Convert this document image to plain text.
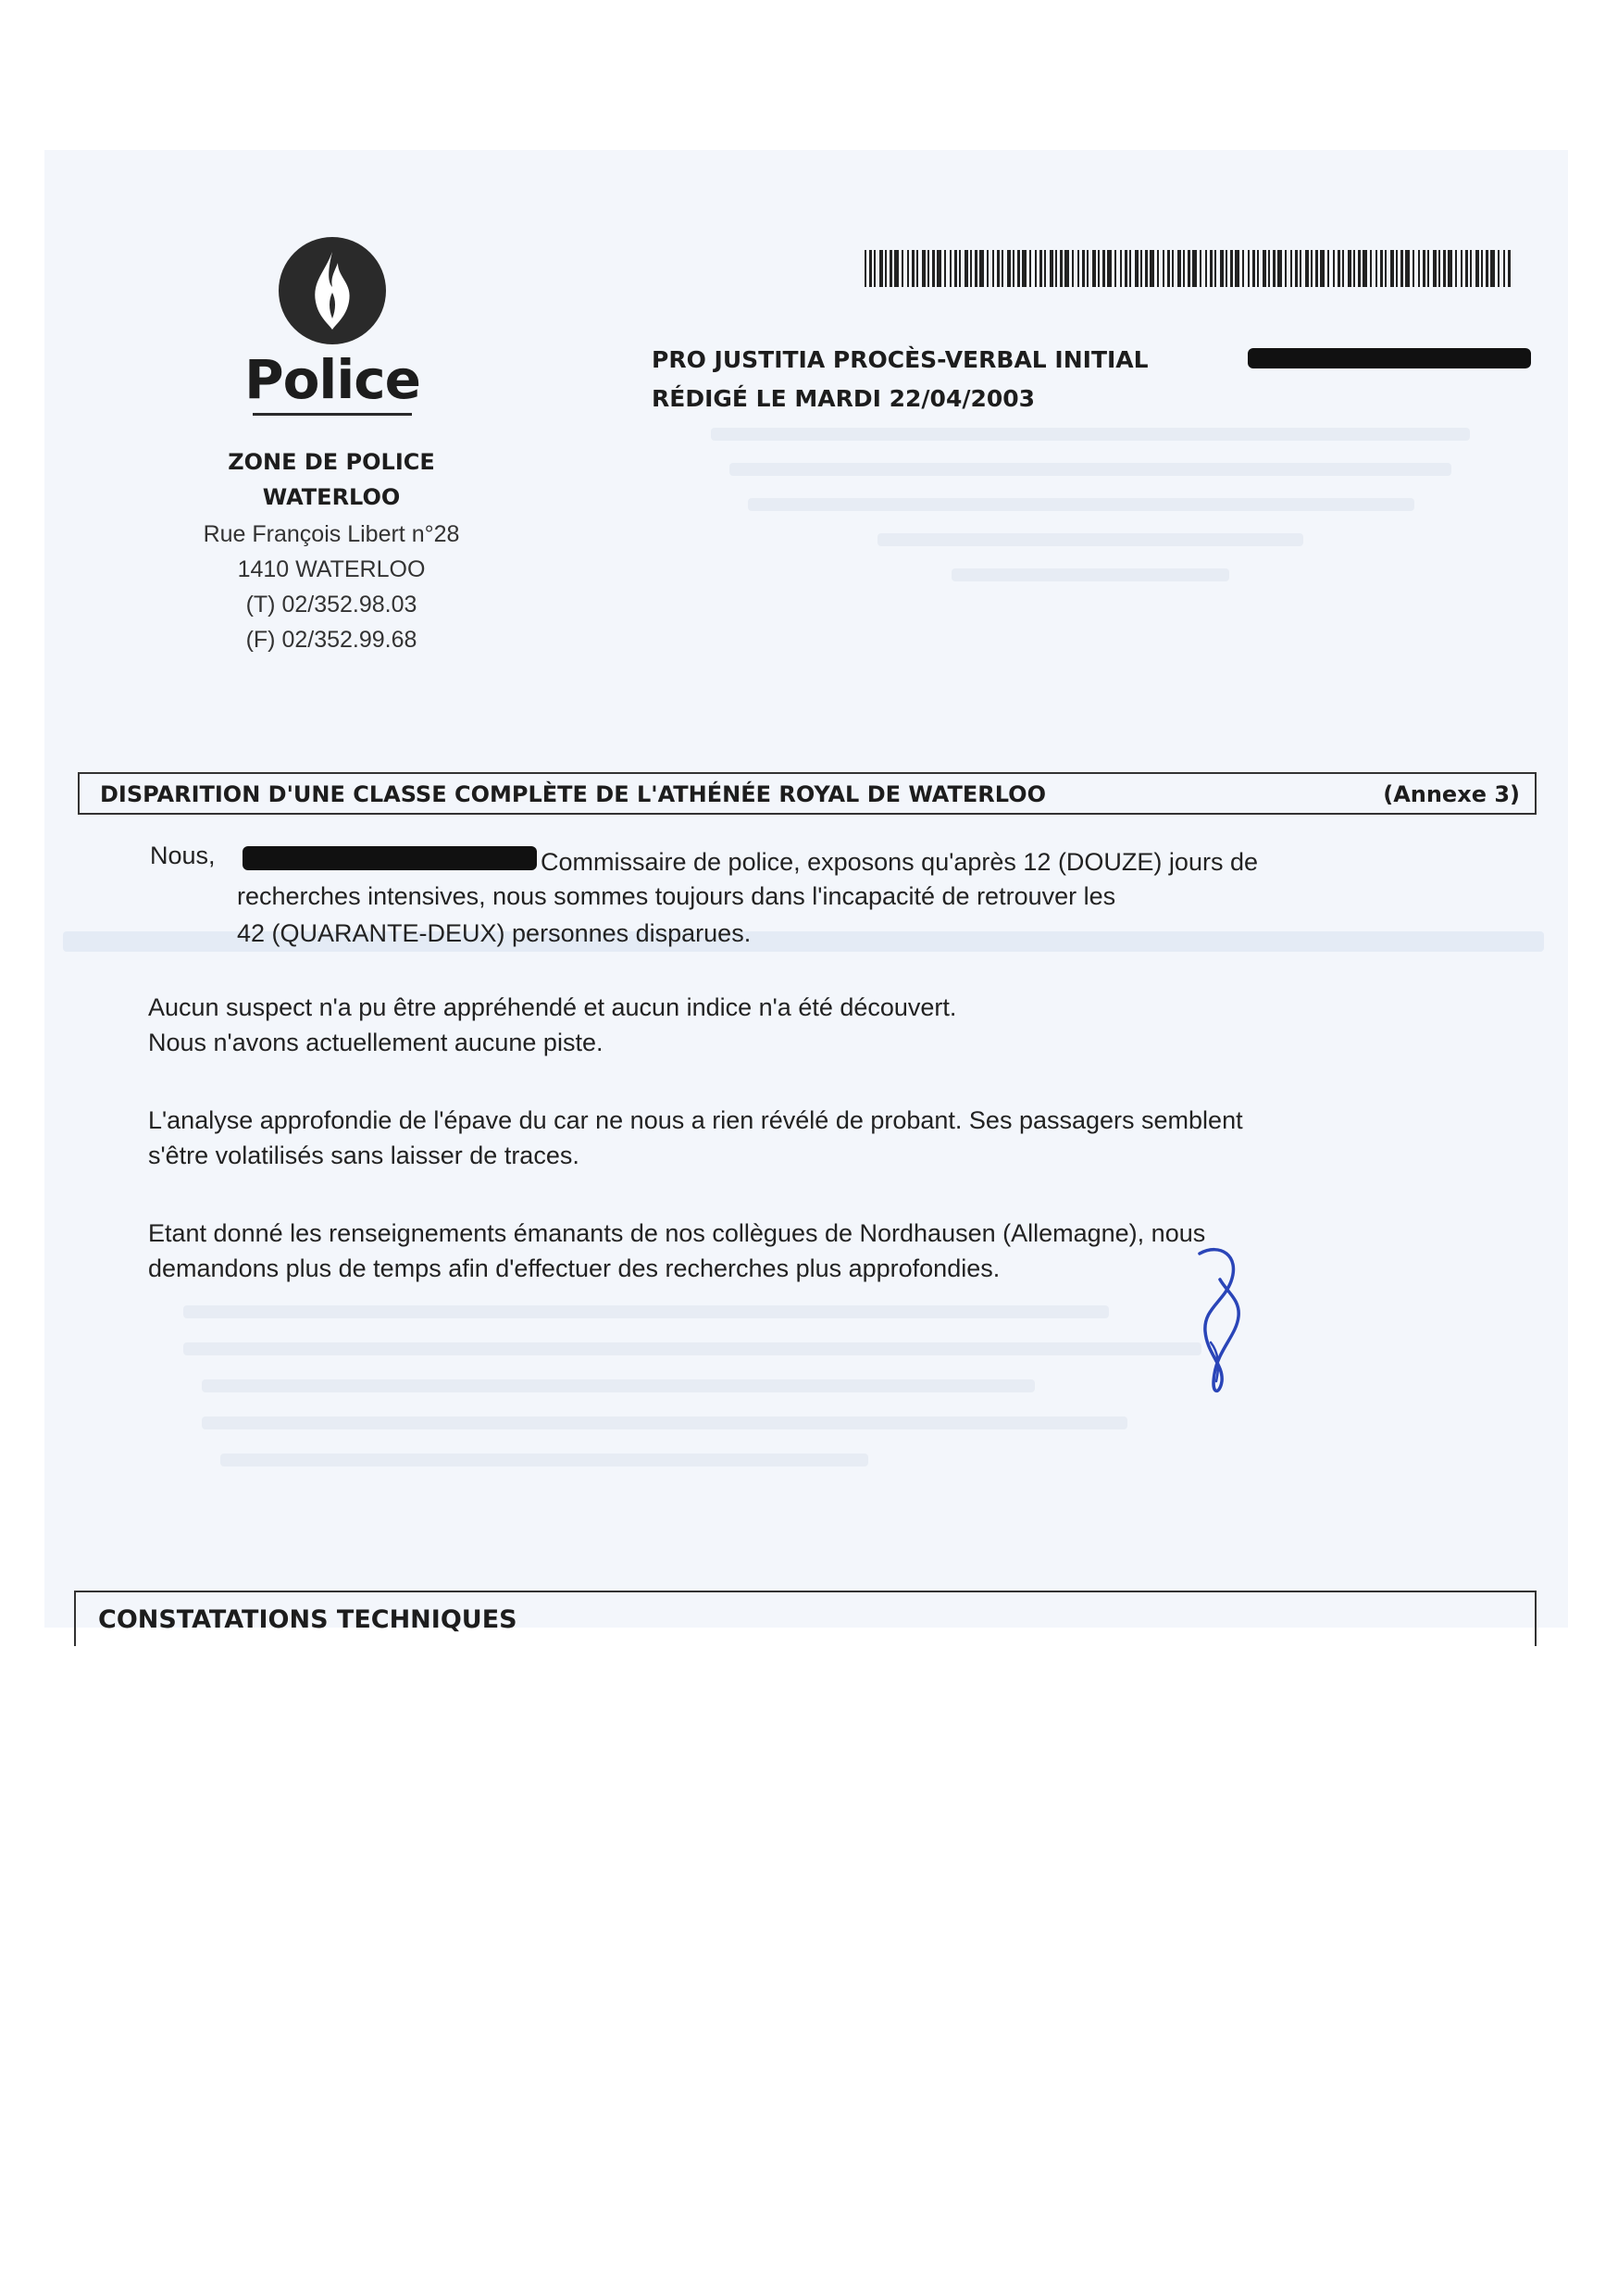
Police
ZONE DE POLICE
WATERLOO
Rue François Libert n°28
1410 WATERLOO
(T) 02/352.98.03
(F) 02/352.99.68
PRO JUSTITIA PROCÈS-VERBAL INITIAL
RÉDIGÉ LE MARDI 22/04/2003
DISPARITION D'UNE CLASSE COMPLÈTE DE L'ATHÉNÉE ROYAL DE WATERLOO	(Annexe 3)
Nous,	Commissaire de police, exposons qu'après 12 (DOUZE) jours de
recherches intensives, nous sommes toujours dans l'incapacité de retrouver les
42 (QUARANTE-DEUX) personnes disparues.
Aucun suspect n'a pu être appréhendé et aucun indice n'a été découvert.
Nous n'avons actuellement aucune piste.
L'analyse approfondie de l'épave du car ne nous a rien révélé de probant. Ses passagers semblent
s'être volatilisés sans laisser de traces.
Etant donné les renseignements émanants de nos collègues de Nordhausen (Allemagne), nous
demandons plus de temps afin d'effectuer des recherches plus approfondies.
CONSTATATIONS TECHNIQUES
